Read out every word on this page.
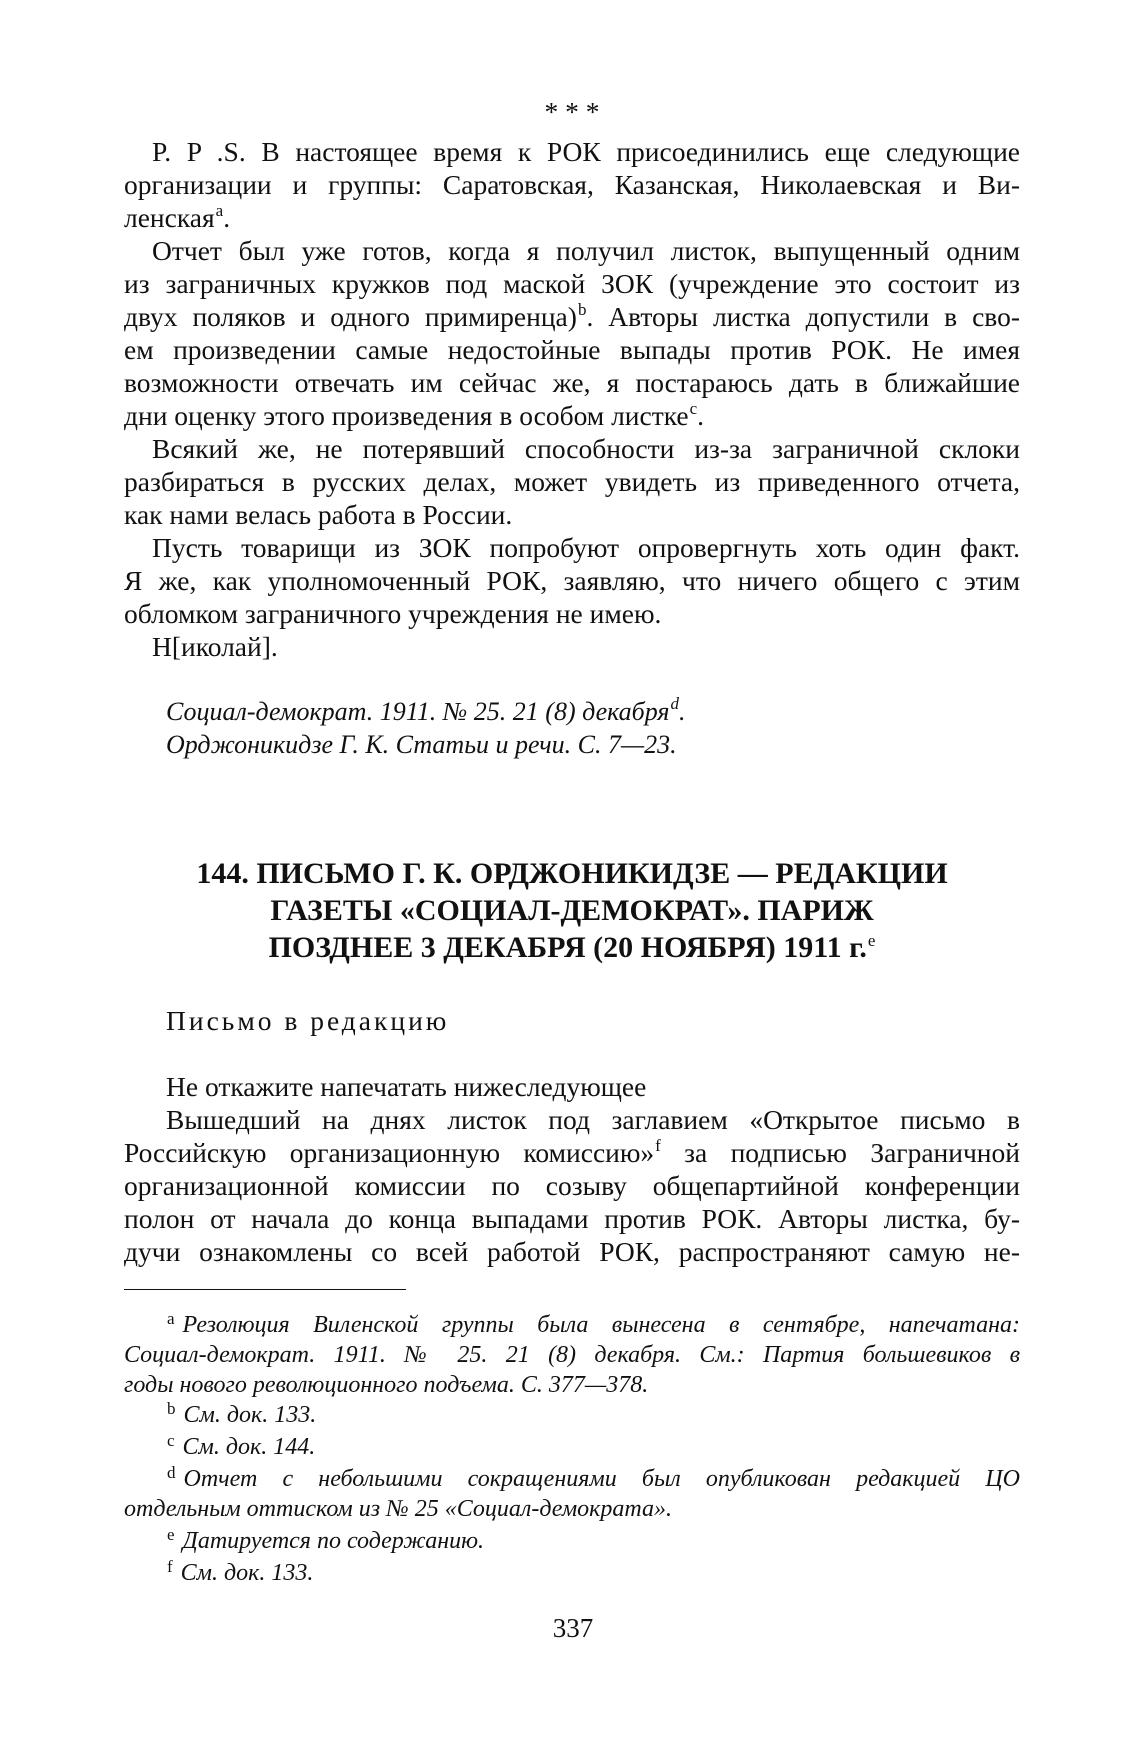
* * *
P. P .S. В настоящее время к РОК присоединились еще следующие
организации и группы: Саратовская, Казанская, Николаевская и Ви-
ленская$^a$.
Отчет был уже готов, когда я получил листок, выпущенный одним
из заграничных кружков под маской ЗОК (учреждение это состоит из
двух поляков и одного примиренца)$^b$. Авторы листка допустили в сво-
ем произведении самые недостойные выпады против РОК. Не имея
возможности отвечать им сейчас же, я постараюсь дать в ближайшие
дни оценку этого произведения в особом листке$^c$.
Всякий же, не потерявший способности из-за заграничной склоки
разбираться в русских делах, может увидеть из приведенного отчета,
как нами велась работа в России.
Пусть товарищи из ЗОК попробуют опровергнуть хоть один факт.
Я же, как уполномоченный РОК, заявляю, что ничего общего с этим
обломком заграничного учреждения не имею.
Н[иколай].
Социал-демократ. 1911. № 25. 21 (8) декабря$^d$.
Орджоникидзе Г. К. Статьи и речи. С. 7—23.
144. ПИСЬМО Г. К. ОРДЖОНИКИДЗЕ — РЕДАКЦИИ
ГАЗЕТЫ «СОЦИАЛ-ДЕМОКРАТ». ПАРИЖ
ПОЗДНЕЕ 3 ДЕКАБРЯ (20 НОЯБРЯ) 1911 г.$^e$
Письмо в редакцию
Не откажите напечатать нижеследующее
Вышедший на днях листок под заглавием «Открытое письмо в
Российскую организационную комиссию»$^f$ за подписью Заграничной
организационной комиссии по созыву общепартийной конференции
полон от начала до конца выпадами против РОК. Авторы листка, бу-
дучи ознакомлены со всей работой РОК, распространяют самую не-
$^a$ Резолюция Виленской группы была вынесена в сентябре, напечатана:
Социал-демократ. 1911. № 25. 21 (8) декабря. См.: Партия большевиков в
годы нового революционного подъема. С. 377—378.
$^b$ См. док. 133.
$^c$ См. док. 144.
$^d$ Отчет с небольшими сокращениями был опубликован редакцией ЦО
отдельным оттиском из № 25 «Социал-демократа».
$^e$ Датируется по содержанию.
$^f$ См. док. 133.
337
